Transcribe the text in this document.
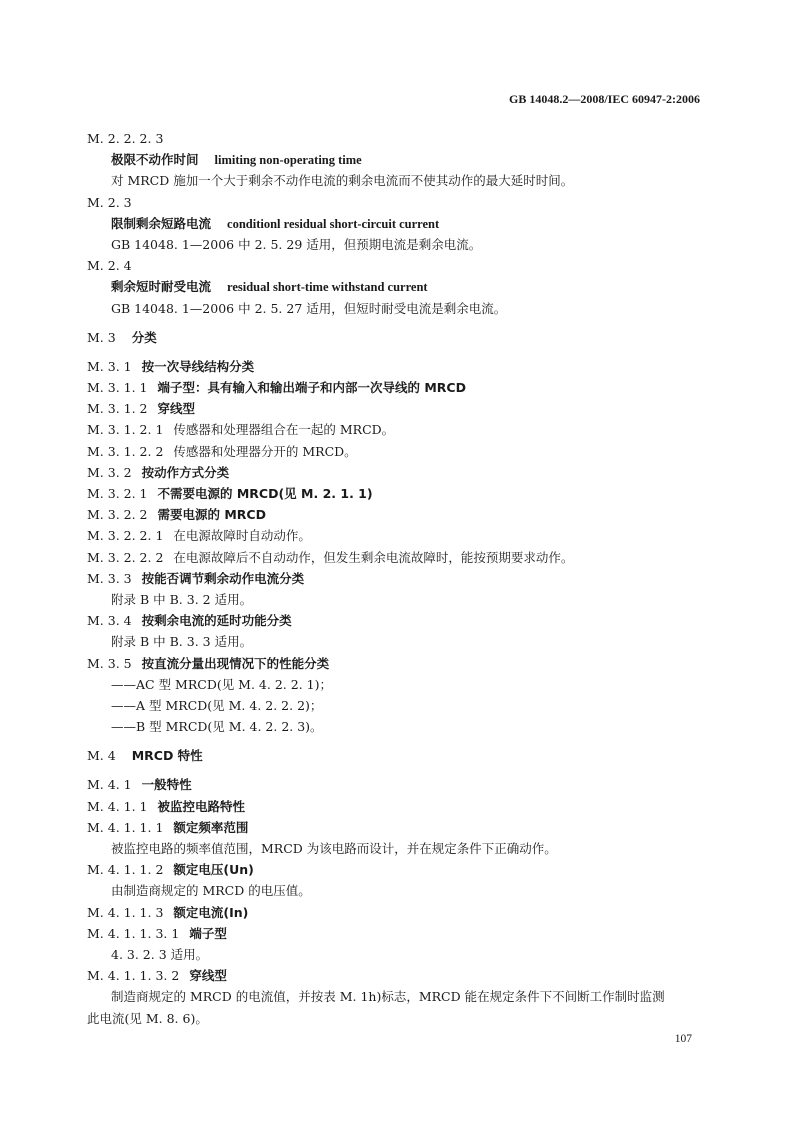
GB 14048.2—2008/IEC 60947-2:2006
M. 2. 2. 2. 3
极限不动作时间 limiting non-operating time
对 MRCD 施加一个大于剩余不动作电流的剩余电流而不使其动作的最大延时时间。
M. 2. 3
限制剩余短路电流 conditionl residual short-circuit current
GB 14048. 1—2006 中 2. 5. 29 适用，但预期电流是剩余电流。
M. 2. 4
剩余短时耐受电流 residual short-time withstand current
GB 14048. 1—2006 中 2. 5. 27 适用，但短时耐受电流是剩余电流。
M. 3 分类
M. 3. 1 按一次导线结构分类
M. 3. 1. 1 端子型：具有输入和输出端子和内部一次导线的 MRCD
M. 3. 1. 2 穿线型
M. 3. 1. 2. 1 传感器和处理器组合在一起的 MRCD。
M. 3. 1. 2. 2 传感器和处理器分开的 MRCD。
M. 3. 2 按动作方式分类
M. 3. 2. 1 不需要电源的 MRCD(见 M. 2. 1. 1)
M. 3. 2. 2 需要电源的 MRCD
M. 3. 2. 2. 1 在电源故障时自动动作。
M. 3. 2. 2. 2 在电源故障后不自动动作，但发生剩余电流故障时，能按预期要求动作。
M. 3. 3 按能否调节剩余动作电流分类
附录 B 中 B. 3. 2 适用。
M. 3. 4 按剩余电流的延时功能分类
附录 B 中 B. 3. 3 适用。
M. 3. 5 按直流分量出现情况下的性能分类
——AC 型 MRCD(见 M. 4. 2. 2. 1)；
——A 型 MRCD(见 M. 4. 2. 2. 2)；
——B 型 MRCD(见 M. 4. 2. 2. 3)。
M. 4 MRCD 特性
M. 4. 1 一般特性
M. 4. 1. 1 被监控电路特性
M. 4. 1. 1. 1 额定频率范围
被监控电路的频率值范围，MRCD 为该电路而设计，并在规定条件下正确动作。
M. 4. 1. 1. 2 额定电压(Un)
由制造商规定的 MRCD 的电压值。
M. 4. 1. 1. 3 额定电流(In)
M. 4. 1. 1. 3. 1 端子型
4. 3. 2. 3 适用。
M. 4. 1. 1. 3. 2 穿线型
制造商规定的 MRCD 的电流值，并按表 M. 1h)标志，MRCD 能在规定条件下不间断工作制时监测
此电流(见 M. 8. 6)。
107
